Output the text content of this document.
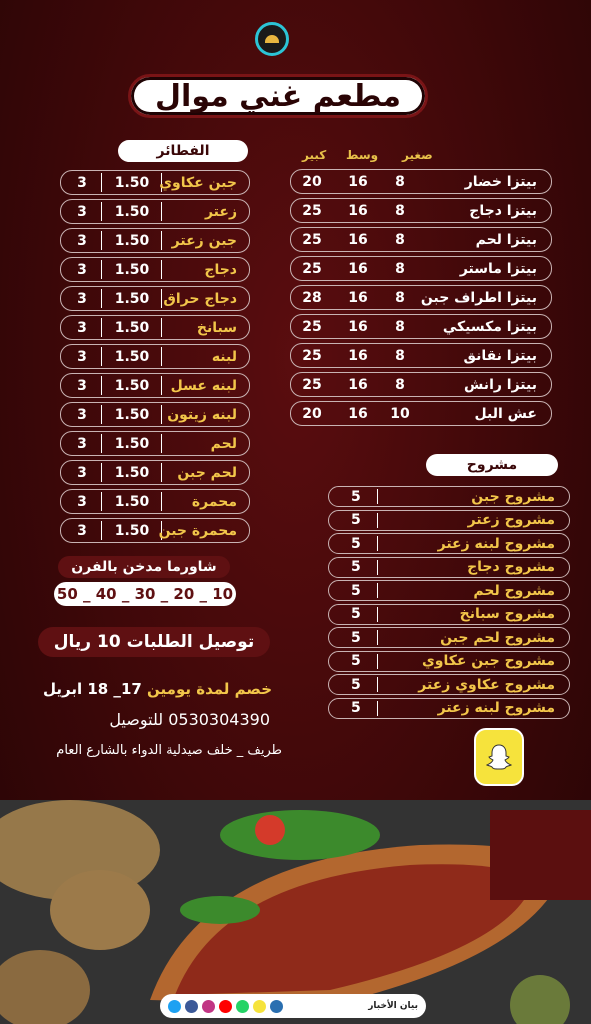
مطعم غني موال
الفطائر
3	1.50 جبن عكاوي
3	1.50	زعتر
3	1.50	جبن زعتر
3	1.50	دجاج
3	1.50	دجاج حراق
3	1.50	سبانخ
3	1.50	لبنه
3	1.50	لبنه عسل
3	1.50	لبنه زيتون
3	1.50	لحم
3	1.50	لحم جبن
3	1.50	محمرة
3	1.50 محمرة جبن
صغير
وسط
كبير
20	16	8	بيتزا خضار
25	16	8	بيتزا دجاج
25	16	8	بيتزا لحم
25	16	8	بيتزا ماستر
28	16	8	بيتزا اطراف جبن
25	16	8	بيتزا مكسيكي
25	16	8	بيتزا نقانق
25	16	8	بيتزا رانش
20	16	10	عش البل
مشروح
5	مشروح جبن
5	مشروح زعتر
5	مشروح لبنه زعتر
5	مشروح دجاج
5	مشروح لحم
5	مشروح سبانخ
5	مشروح لحم جبن
5	مشروح جبن عكاوي
5	مشروح عكاوي زعتر
5	مشروح لبنه زعتر
شاورما مدخن بالفرن
10 _ 20 _ 30 _ 40 _ 50
توصيل الطلبات 10 ريال
خصم لمدة يومين 17_ 18 ابريل
0530304390 للتوصيل
طريف _ خلف صيدلية الدواء بالشارع العام
بيان الأخبار
